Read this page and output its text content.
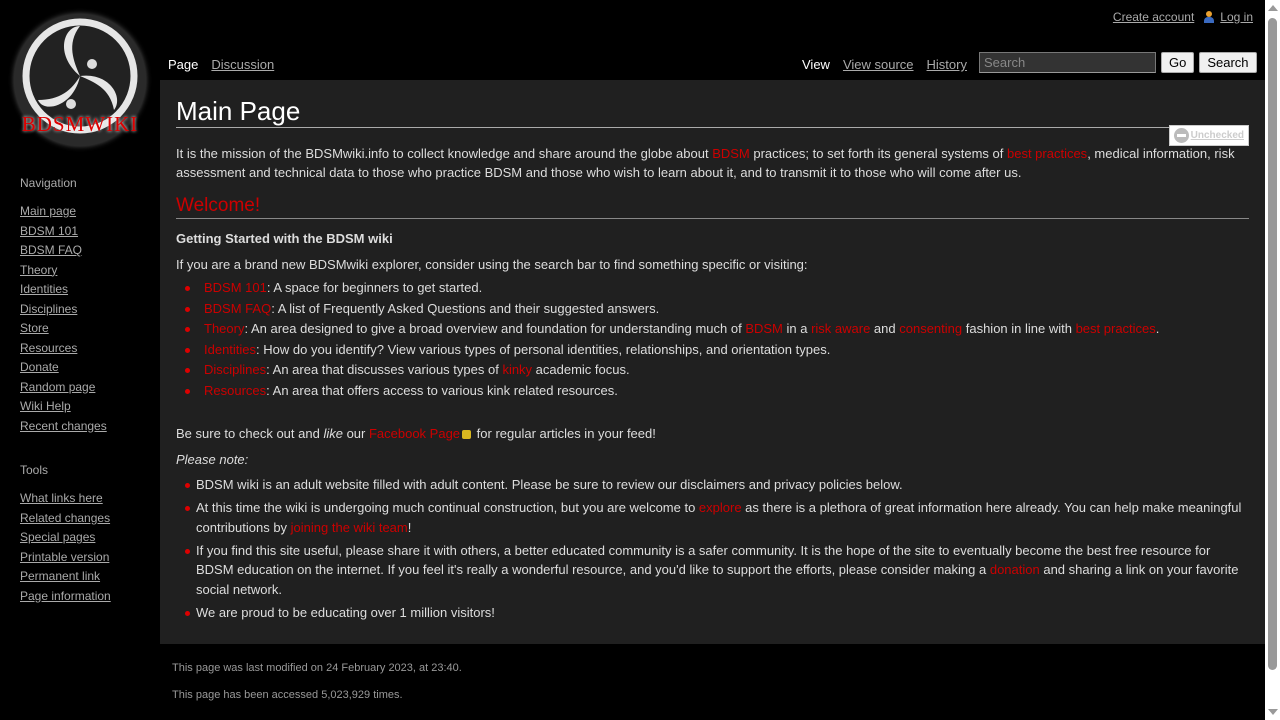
BDSMWIKI
Navigation
Main page
BDSM 101
BDSM FAQ
Theory
Identities
Disciplines
Store
Resources
Donate
Random page
Wiki Help
Recent changes
Tools
What links here
Related changes
Special pages
Printable version
Permanent link
Page information
Create account Log in
Page Discussion	View View source History
Search	Go	Search
Main Page
Unchecked

It is the mission of the BDSMwiki.info to collect knowledge and share around the globe about BDSM practices; to set forth its general systems of best practices, medical information, risk assessment and technical data to those who practice BDSM and those who wish to learn about it, and to transmit it to those who will come after us.

Welcome!

Getting Started with the BDSM wiki

If you are a brand new BDSMwiki explorer, consider using the search bar to find something specific or visiting:

BDSM 101: A space for beginners to get started.
BDSM FAQ: A list of Frequently Asked Questions and their suggested answers.
Theory: An area designed to give a broad overview and foundation for understanding much of BDSM in a risk aware and consenting fashion in line with best practices.
Identities: How do you identify? View various types of personal identities, relationships, and orientation types.
Disciplines: An area that discusses various types of kinky academic focus.
Resources: An area that offers access to various kink related resources.

Be sure to check out and like our Facebook Page for regular articles in your feed!

Please note:

BDSM wiki is an adult website filled with adult content. Please be sure to review our disclaimers and privacy policies below.
At this time the wiki is undergoing much continual construction, but you are welcome to explore as there is a plethora of great information here already. You can help make meaningful contributions by joining the wiki team!
If you find this site useful, please share it with others, a better educated community is a safer community. It is the hope of the site to eventually become the best free resource for BDSM education on the internet. If you feel it's really a wonderful resource, and you'd like to support the efforts, please consider making a donation and sharing a link on your favorite social network.
We are proud to be educating over 1 million visitors!
This page was last modified on 24 February 2023, at 23:40.
This page has been accessed 5,023,929 times.
